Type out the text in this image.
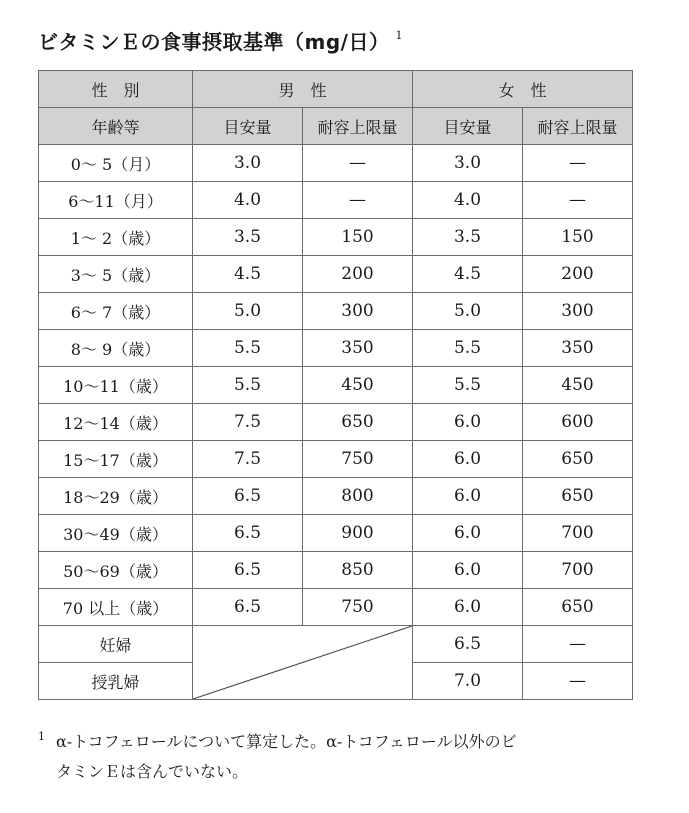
ビタミンＥの食事摂取基準（mg/日） $^1$
性　別	男　性		女　性	
年齢等	目安量	耐容上限量	目安量	耐容上限量
0～ 5（月）	3.0	—	3.0	—
6～11（月）	4.0	—	4.0	—
1～ 2（歳）	3.5	150	3.5	150
3～ 5（歳）	4.5	200	4.5	200
6～ 7（歳）	5.0	300	5.0	300
8～ 9（歳）	5.5	350	5.5	350
10～11（歳）	5.5	450	5.5	450
12～14（歳）	7.5	650	6.0	600
15～17（歳）	7.5	750	6.0	650
18～29（歳）	6.5	800	6.0	650
30～49（歳）	6.5	900	6.0	700
50～69（歳）	6.5	850	6.0	700
70 以上（歳）	6.5	750	6.0	650
妊婦			6.5	—
授乳婦			7.0	—
1 α-トコフェロールについて算定した。α-トコフェロール以外のビ
タミンＥは含んでいない。
